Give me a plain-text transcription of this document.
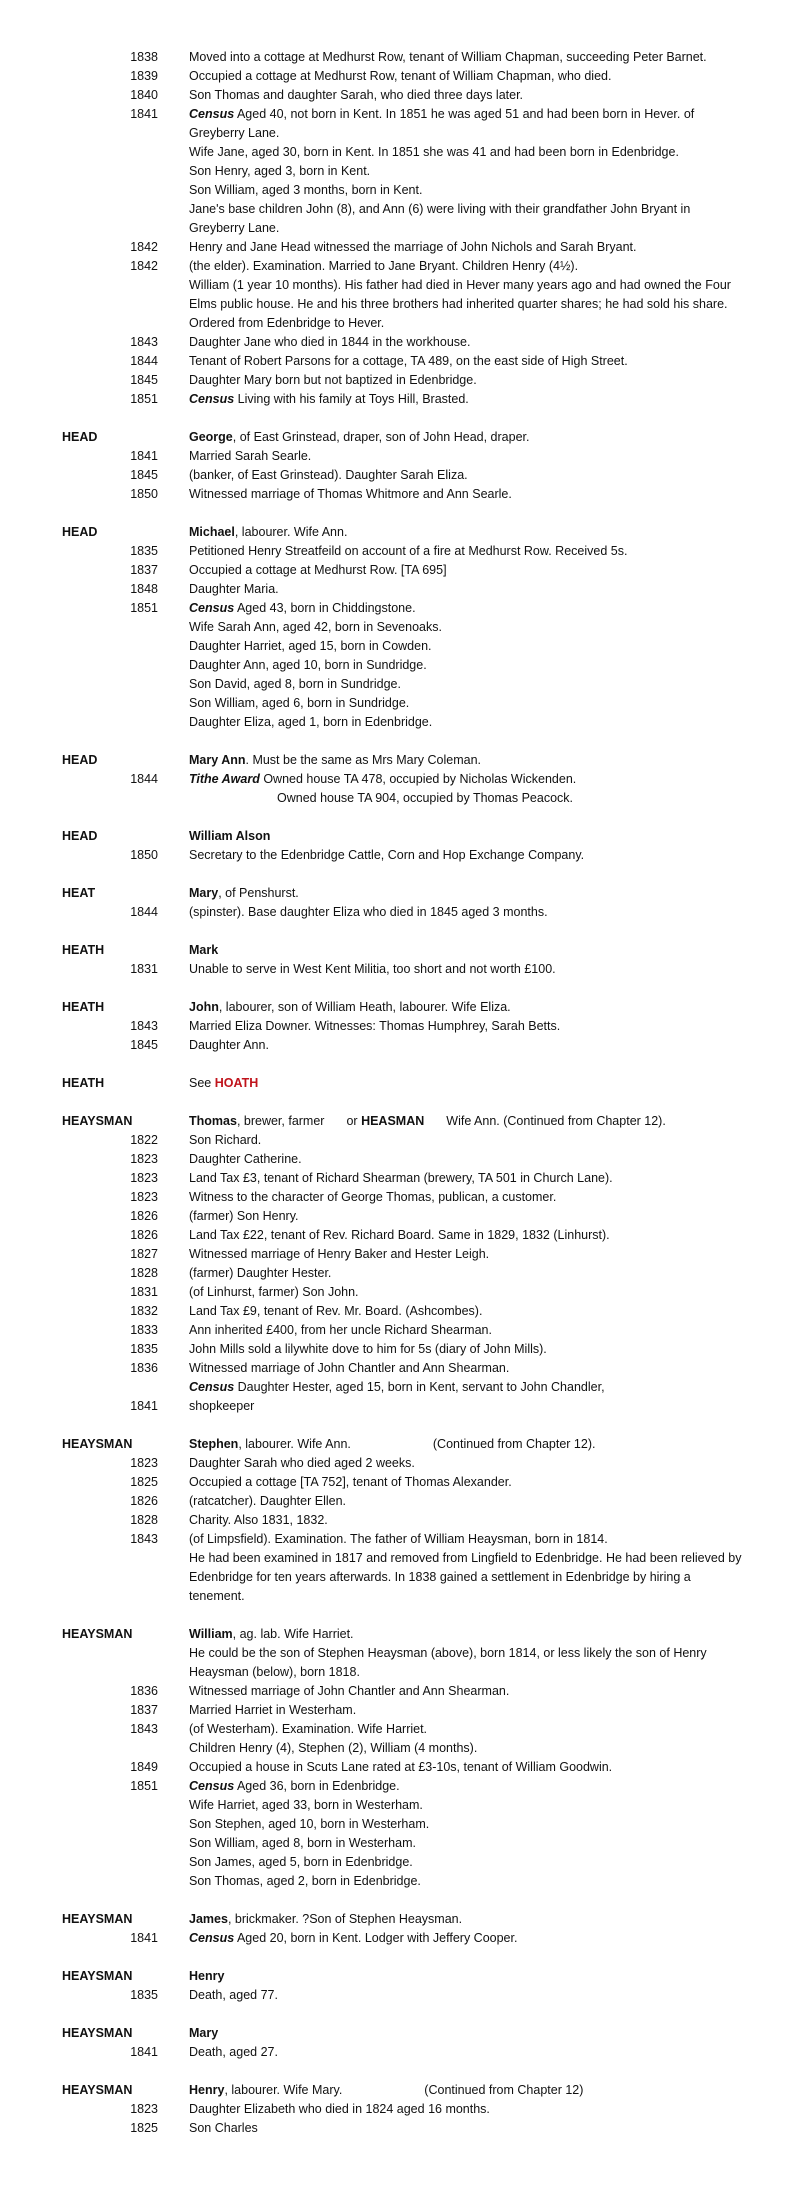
1838 Moved into a cottage at Medhurst Row, tenant of William Chapman, succeeding Peter Barnet.
1839 Occupied a cottage at Medhurst Row, tenant of William Chapman, who died.
1840 Son Thomas and daughter Sarah, who died three days later.
1841 Census Aged 40, not born in Kent. In 1851 he was aged 51 and had been born in Hever. of Greyberry Lane.
Wife Jane, aged 30, born in Kent. In 1851 she was 41 and had been born in Edenbridge.
Son Henry, aged 3, born in Kent.
Son William, aged 3 months, born in Kent.
Jane's base children John (8), and Ann (6) were living with their grandfather John Bryant in Greyberry Lane.
1842 Henry and Jane Head witnessed the marriage of John Nichols and Sarah Bryant.
1842 (the elder). Examination. Married to Jane Bryant. Children Henry (4½).
William (1 year 10 months). His father had died in Hever many years ago and had owned the Four Elms public house. He and his three brothers had inherited quarter shares; he had sold his share. Ordered from Edenbridge to Hever.
1843 Daughter Jane who died in 1844 in the workhouse.
1844 Tenant of Robert Parsons for a cottage, TA 489, on the east side of High Street.
1845 Daughter Mary born but not baptized in Edenbridge.
1851 Census Living with his family at Toys Hill, Brasted.
HEAD	George, of East Grinstead, draper, son of John Head, draper.
1841 Married Sarah Searle.
1845 (banker, of East Grinstead). Daughter Sarah Eliza.
1850 Witnessed marriage of Thomas Whitmore and Ann Searle.
HEAD	Michael, labourer. Wife Ann.
1835 Petitioned Henry Streatfeild on account of a fire at Medhurst Row. Received 5s.
1837 Occupied a cottage at Medhurst Row. [TA 695]
1848 Daughter Maria.
1851 Census Aged 43, born in Chiddingstone.
Wife Sarah Ann, aged 42, born in Sevenoaks.
Daughter Harriet, aged 15, born in Cowden.
Daughter Ann, aged 10, born in Sundridge.
Son David, aged 8, born in Sundridge.
Son William, aged 6, born in Sundridge.
Daughter Eliza, aged 1, born in Edenbridge.
HEAD	Mary Ann. Must be the same as Mrs Mary Coleman.
1844 Tithe Award Owned house TA 478, occupied by Nicholas Wickenden.
Owned house TA 904, occupied by Thomas Peacock.
HEAD	William Alson
1850 Secretary to the Edenbridge Cattle, Corn and Hop Exchange Company.
HEAT	Mary, of Penshurst.
1844 (spinster). Base daughter Eliza who died in 1845 aged 3 months.
HEATH	Mark
1831 Unable to serve in West Kent Militia, too short and not worth £100.
HEATH	John, labourer, son of William Heath, labourer. Wife Eliza.
1843 Married Eliza Downer. Witnesses: Thomas Humphrey, Sarah Betts.
1845 Daughter Ann.
HEATH	See HOATH
HEAYSMAN	Thomas, brewer, farmer or HEASMAN Wife Ann. (Continued from Chapter 12).
1822 Son Richard.
1823 Daughter Catherine.
1823 Land Tax £3, tenant of Richard Shearman (brewery, TA 501 in Church Lane).
1823 Witness to the character of George Thomas, publican, a customer.
1826 (farmer) Son Henry.
1826 Land Tax £22, tenant of Rev. Richard Board. Same in 1829, 1832 (Linhurst).
1827 Witnessed marriage of Henry Baker and Hester Leigh.
1828 (farmer) Daughter Hester.
1831 (of Linhurst, farmer) Son John.
1832 Land Tax £9, tenant of Rev. Mr. Board. (Ashcombes).
1833 Ann inherited £400, from her uncle Richard Shearman.
1835 John Mills sold a lilywhite dove to him for 5s (diary of John Mills).
1836 Witnessed marriage of John Chantler and Ann Shearman.
Census Daughter Hester, aged 15, born in Kent, servant to John Chandler,
1841 shopkeeper
HEAYSMAN	Stephen, labourer. Wife Ann.	(Continued from Chapter 12).
1823 Daughter Sarah who died aged 2 weeks.
1825 Occupied a cottage [TA 752], tenant of Thomas Alexander.
1826 (ratcatcher). Daughter Ellen.
1828 Charity. Also 1831, 1832.
1843 (of Limpsfield). Examination. The father of William Heaysman, born in 1814.
He had been examined in 1817 and removed from Lingfield to Edenbridge. He had been relieved by Edenbridge for ten years afterwards. In 1838 gained a settlement in Edenbridge by hiring a tenement.
HEAYSMAN	William, ag. lab. Wife Harriet.
He could be the son of Stephen Heaysman (above), born 1814, or less likely the son of Henry Heaysman (below), born 1818.
1836 Witnessed marriage of John Chantler and Ann Shearman.
1837 Married Harriet in Westerham.
1843 (of Westerham). Examination. Wife Harriet.
Children Henry (4), Stephen (2), William (4 months).
1849 Occupied a house in Scuts Lane rated at £3-10s, tenant of William Goodwin.
1851 Census Aged 36, born in Edenbridge.
Wife Harriet, aged 33, born in Westerham.
Son Stephen, aged 10, born in Westerham.
Son William, aged 8, born in Westerham.
Son James, aged 5, born in Edenbridge.
Son Thomas, aged 2, born in Edenbridge.
HEAYSMAN	James, brickmaker. ?Son of Stephen Heaysman.
1841 Census Aged 20, born in Kent. Lodger with Jeffery Cooper.
HEAYSMAN	Henry
1835 Death, aged 77.
HEAYSMAN	Mary
1841 Death, aged 27.
HEAYSMAN	Henry, labourer. Wife Mary.	(Continued from Chapter 12)
1823 Daughter Elizabeth who died in 1824 aged 16 months.
1825 Son Charles
